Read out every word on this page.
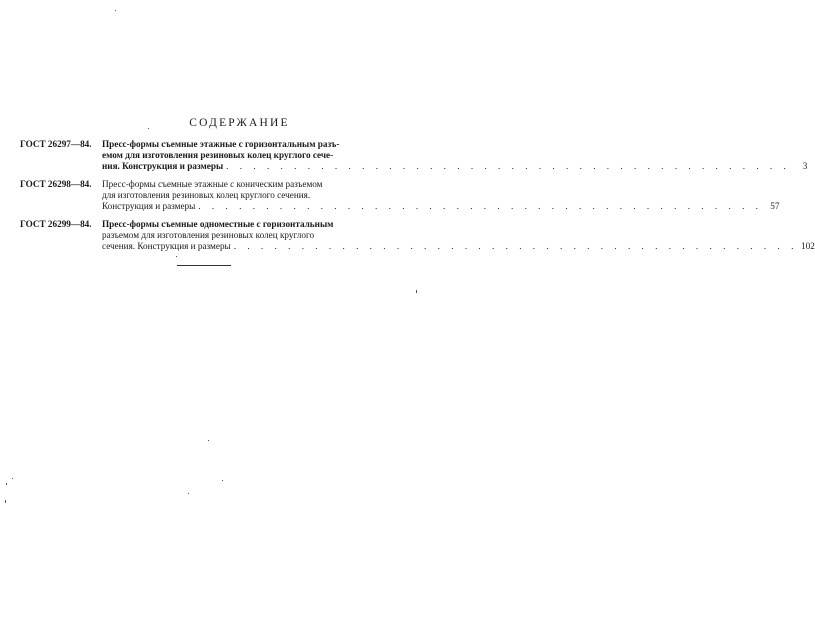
СОДЕРЖАНИЕ
ГОСТ 26297—84.	Пресс-формы съемные этажные с горизонтальным разъ-
емом для изготовления резиновых колец круглого сече-
ния. Конструкция и размеры . . .	3
ГОСТ 26298—84.	Пресс-формы съемные этажные с коническим разъемом
для изготовления резиновых колец круглого сечения.
Конструкция и размеры . . .	57
ГОСТ 26299—84.	Пресс-формы съемные одноместные с горизонтальным
разъемом для изготовления резиновых колец круглого
сечения. Конструкция и размеры . . .	102
